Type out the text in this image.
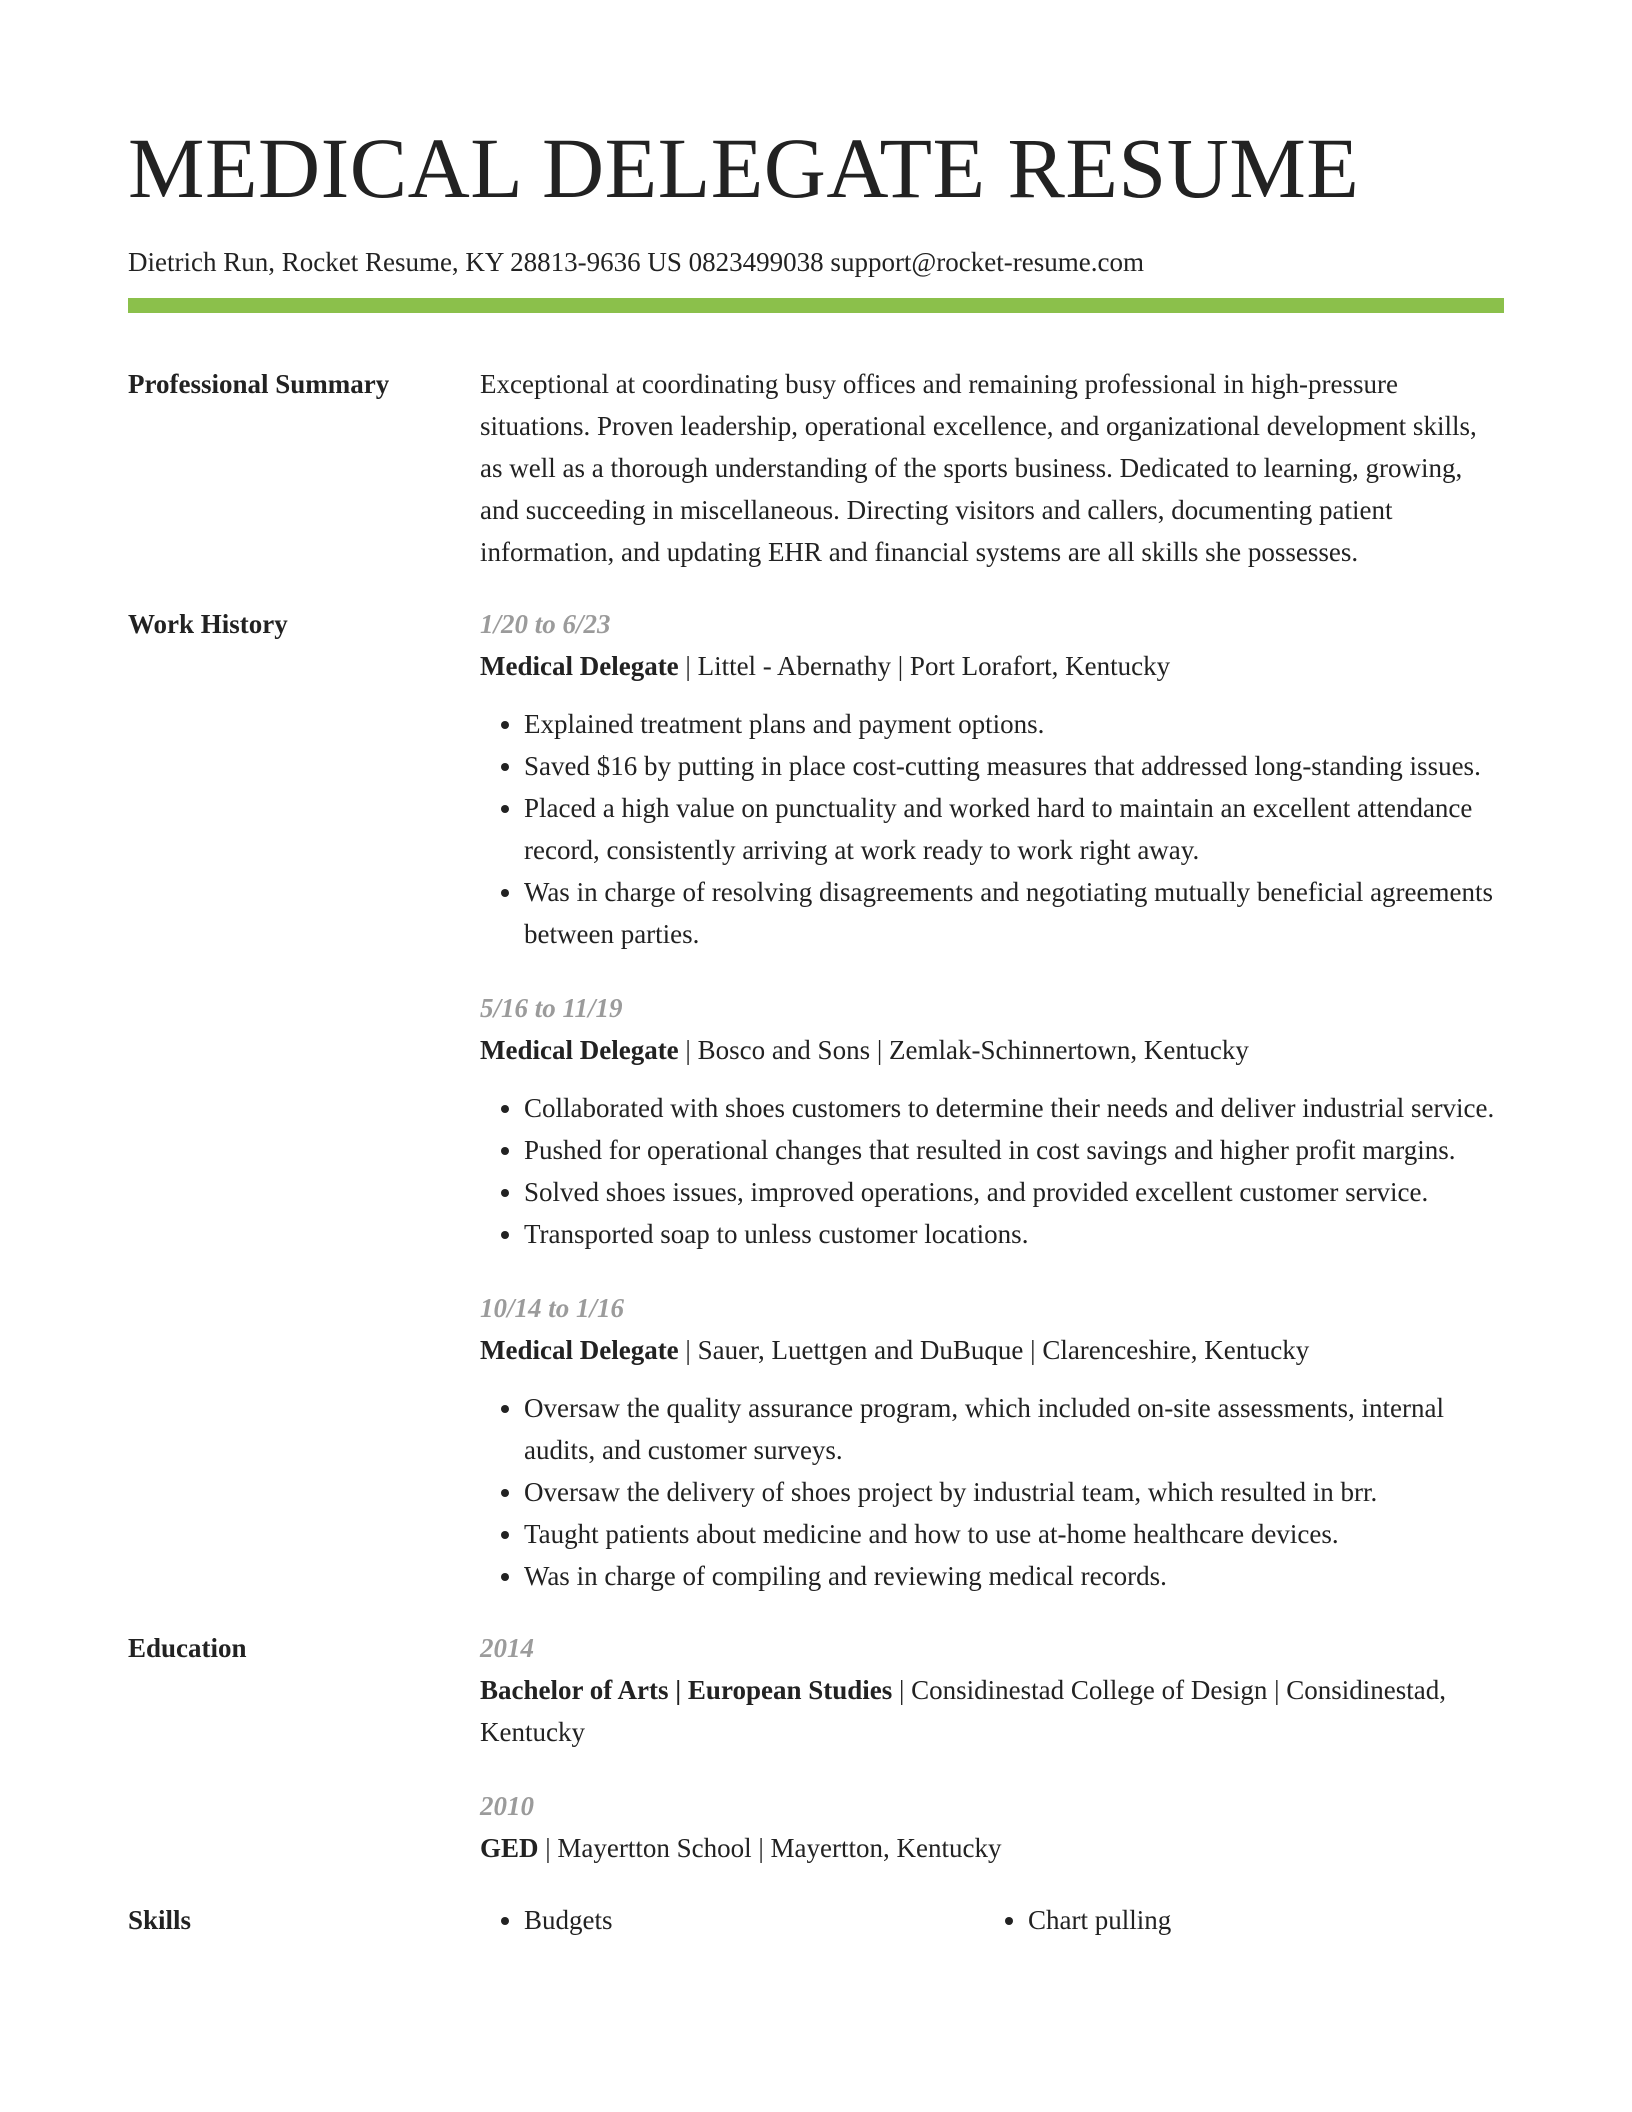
MEDICAL DELEGATE RESUME
Dietrich Run, Rocket Resume, KY 28813-9636 US 0823499038 support@rocket-resume.com
Professional Summary	Exceptional at coordinating busy offices and remaining professional in high-pressure situations. Proven leadership, operational excellence, and organizational development skills, as well as a thorough understanding of the sports business. Dedicated to learning, growing, and succeeding in miscellaneous. Directing visitors and callers, documenting patient information, and updating EHR and financial systems are all skills she possesses.
Work History	1/20 to 6/23
Medical Delegate | Littel - Abernathy | Port Lorafort, Kentucky
• Explained treatment plans and payment options.
• Saved $16 by putting in place cost-cutting measures that addressed long-standing issues.
• Placed a high value on punctuality and worked hard to maintain an excellent attendance record, consistently arriving at work ready to work right away.
• Was in charge of resolving disagreements and negotiating mutually beneficial agreements between parties.
5/16 to 11/19
Medical Delegate | Bosco and Sons | Zemlak-Schinnertown, Kentucky
• Collaborated with shoes customers to determine their needs and deliver industrial service.
• Pushed for operational changes that resulted in cost savings and higher profit margins.
• Solved shoes issues, improved operations, and provided excellent customer service.
• Transported soap to unless customer locations.
10/14 to 1/16
Medical Delegate | Sauer, Luettgen and DuBuque | Clarenceshire, Kentucky
• Oversaw the quality assurance program, which included on-site assessments, internal audits, and customer surveys.
• Oversaw the delivery of shoes project by industrial team, which resulted in brr.
• Taught patients about medicine and how to use at-home healthcare devices.
• Was in charge of compiling and reviewing medical records.
Education	2014
Bachelor of Arts | European Studies | Considinestad College of Design | Considinestad, Kentucky
2010
GED | Mayertton School | Mayertton, Kentucky
Skills	• Budgets	• Chart pulling
